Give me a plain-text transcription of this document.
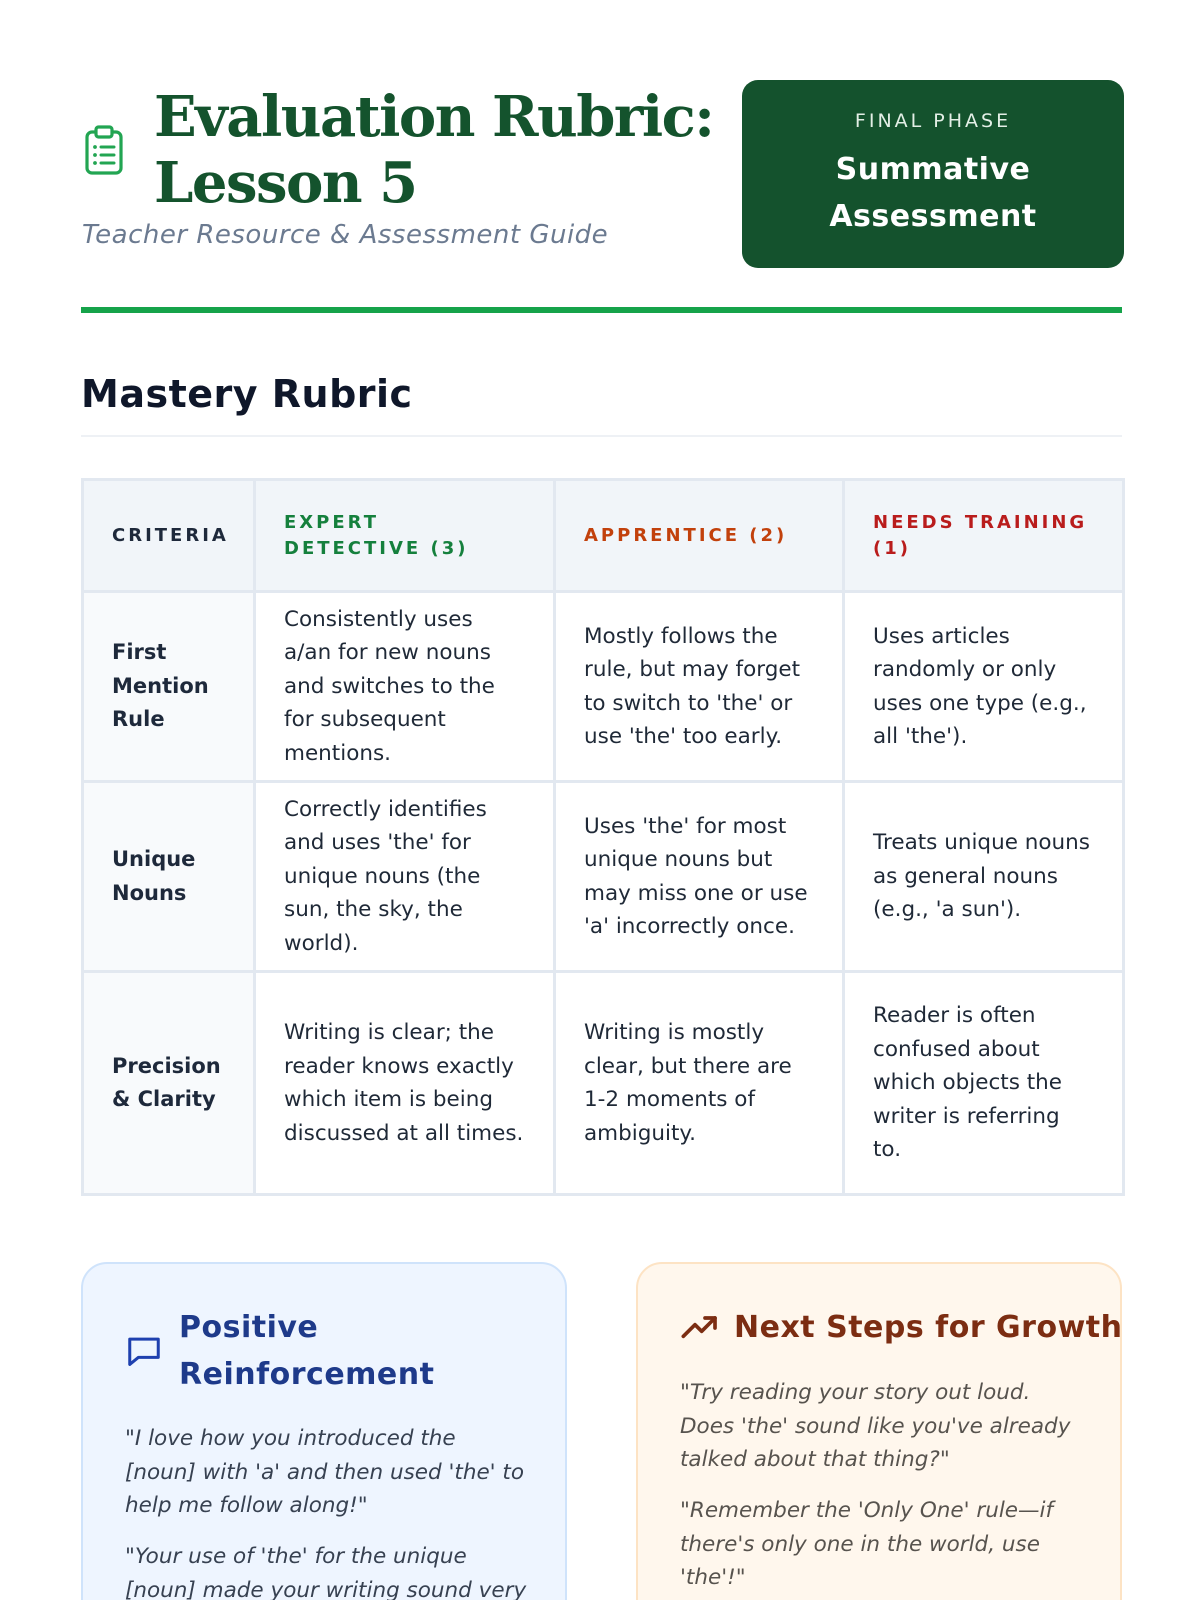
Evaluation Rubric:
Lesson 5
Teacher Resource & Assessment Guide
FINAL PHASE
Summative
Assessment
Mastery Rubric
CRITERIA	EXPERT DETECTIVE (3)	APPRENTICE (2)	NEEDS TRAINING (1)
First Mention Rule	Consistently uses a/an for new nouns and switches to the for subsequent mentions.	Mostly follows the rule, but may forget to switch to 'the' or use 'the' too early.	Uses articles randomly or only uses one type (e.g., all 'the').
Unique Nouns	Correctly identifies and uses 'the' for unique nouns (the sun, the sky, the world).	Uses 'the' for most unique nouns but may miss one or use 'a' incorrectly once.	Treats unique nouns as general nouns (e.g., 'a sun').
Precision & Clarity	Writing is clear; the reader knows exactly which item is being discussed at all times.	Writing is mostly clear, but there are 1-2 moments of ambiguity.	Reader is often confused about which objects the writer is referring to.
Positive Reinforcement
"I love how you introduced the [noun] with 'a' and then used 'the' to help me follow along!"
"Your use of 'the' for the unique [noun] made your writing sound very
Next Steps for Growth
"Try reading your story out loud. Does 'the' sound like you've already talked about that thing?"
"Remember the 'Only One' rule—if there's only one in the world, use 'the'!"
